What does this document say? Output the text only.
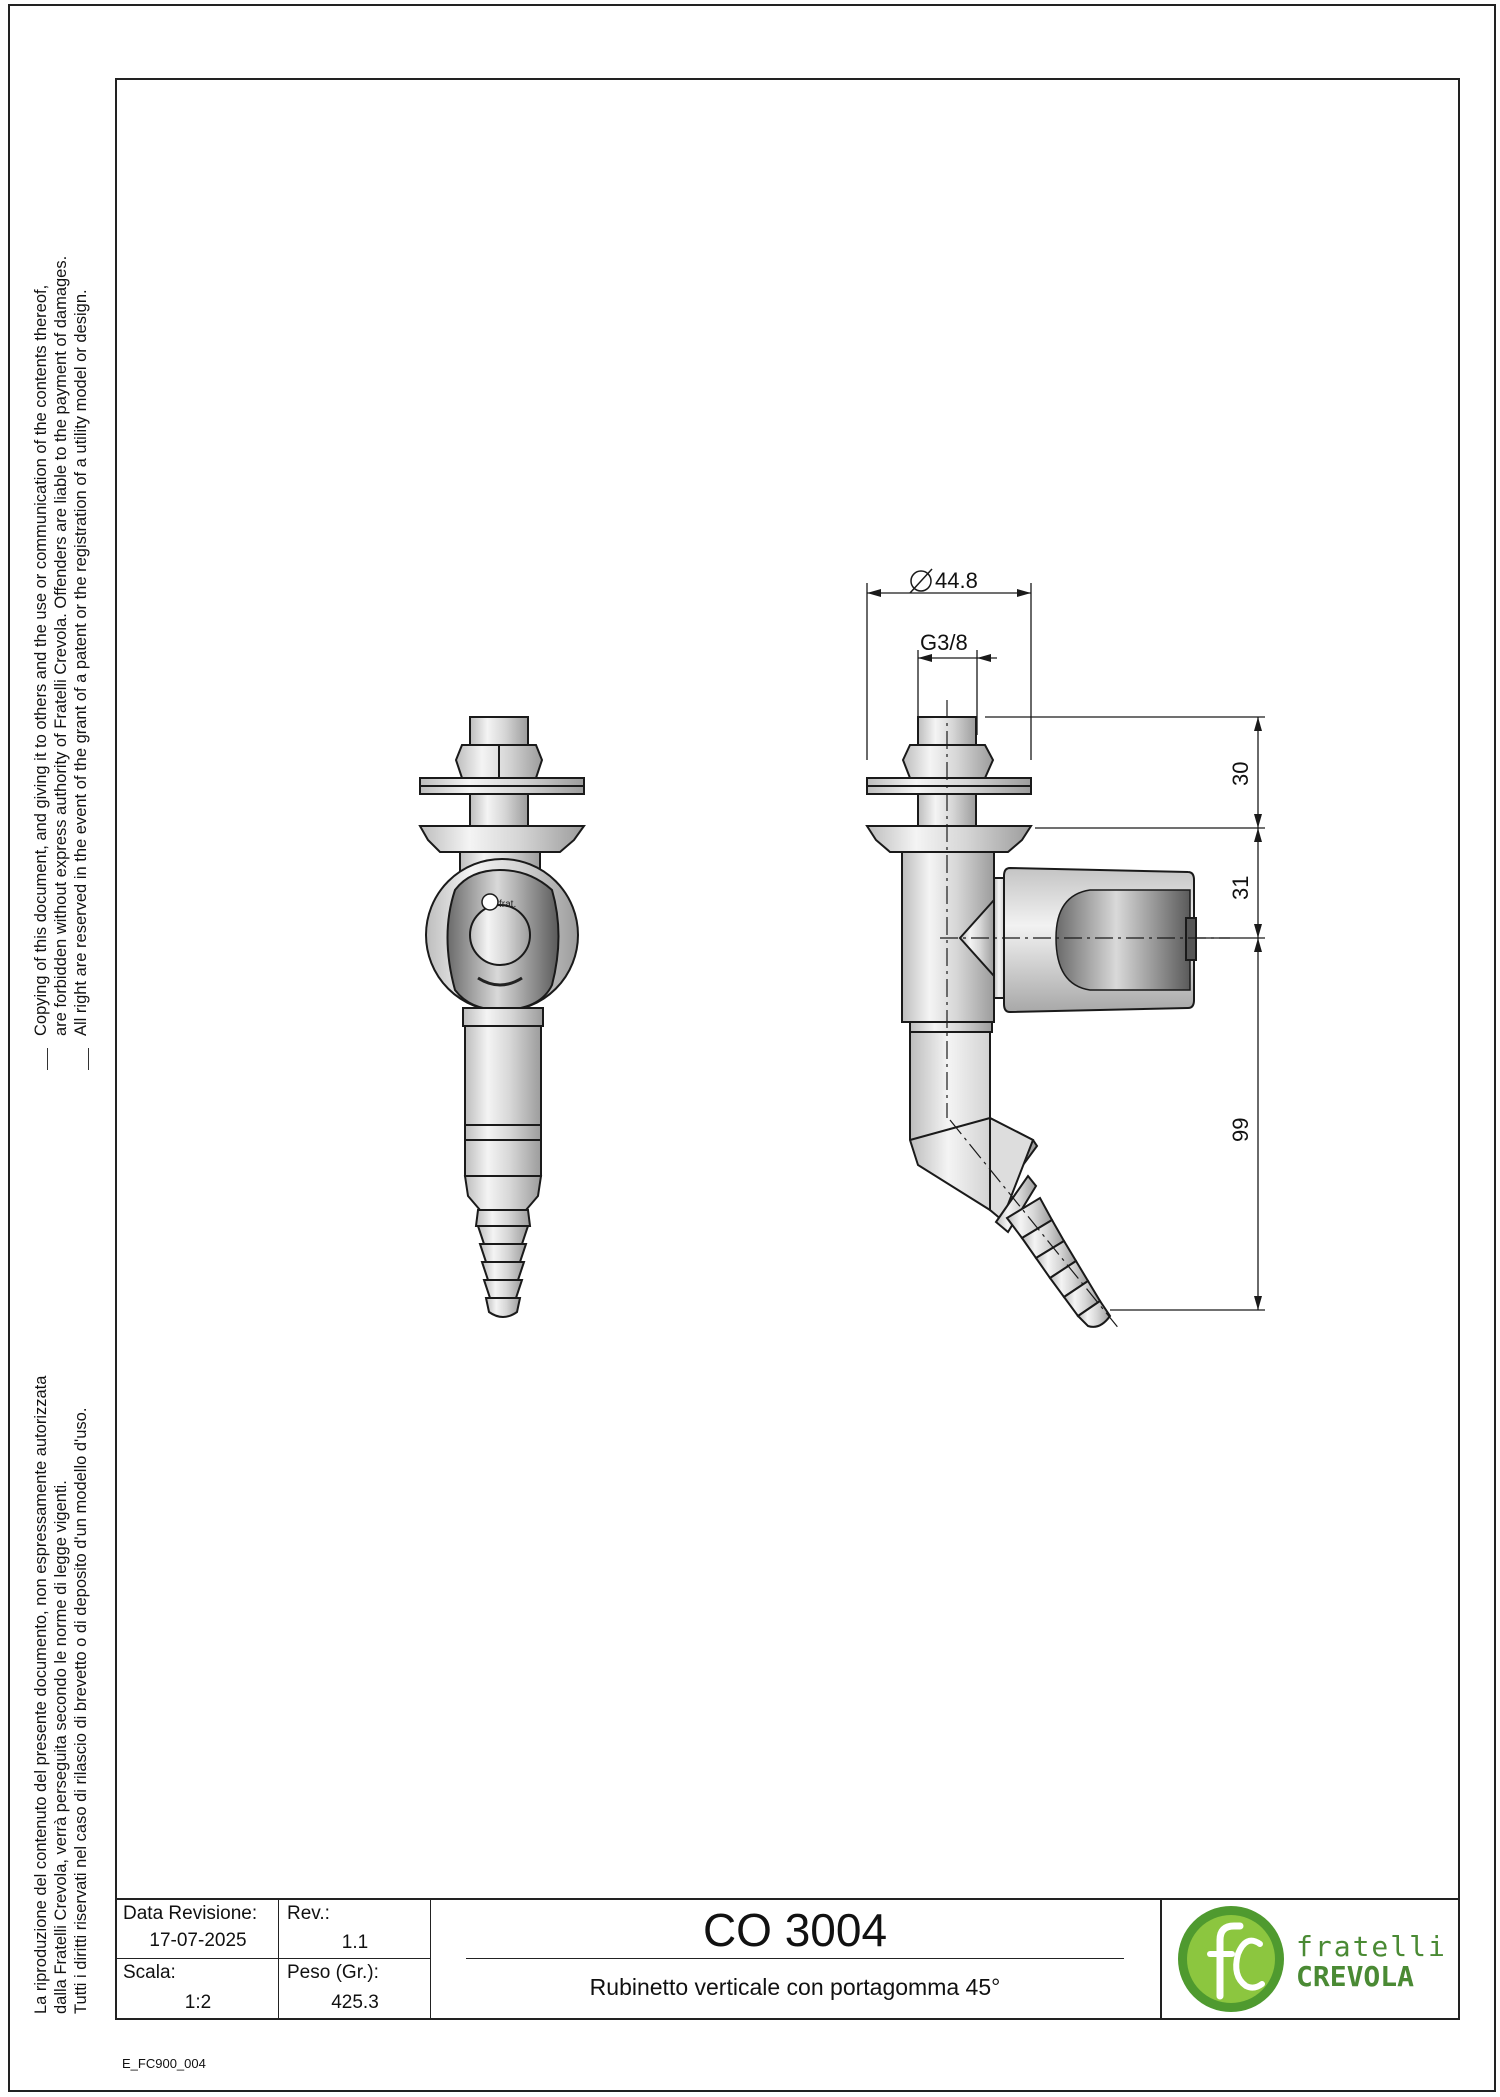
Copying of this document, and giving it to others and the use or communication of the contents thereof, are forbidden without express authority of Fratelli Crevola. Offenders are liable to the payment of damages. All right are reserved in the event of the grant of a patent or the registration of a utility model or design.
La riproduzione del contenuto del presente documento, non espressamente autorizzata dalla Fratelli Crevola, verrà perseguita secondo le norme di legge vigenti. Tutti i diritti riservati nel caso di rilascio di brevetto o di deposito d'un modello d'uso.
frat.
44.8
G3/8
30
31
99
Data Revisione:
17-07-2025
Rev.:
1.1
Scala:
1:2
Peso (Gr.):
425.3
CO 3004
Rubinetto verticale con portagomma 45°
fratelli
CREVOLA
E_FC900_004
